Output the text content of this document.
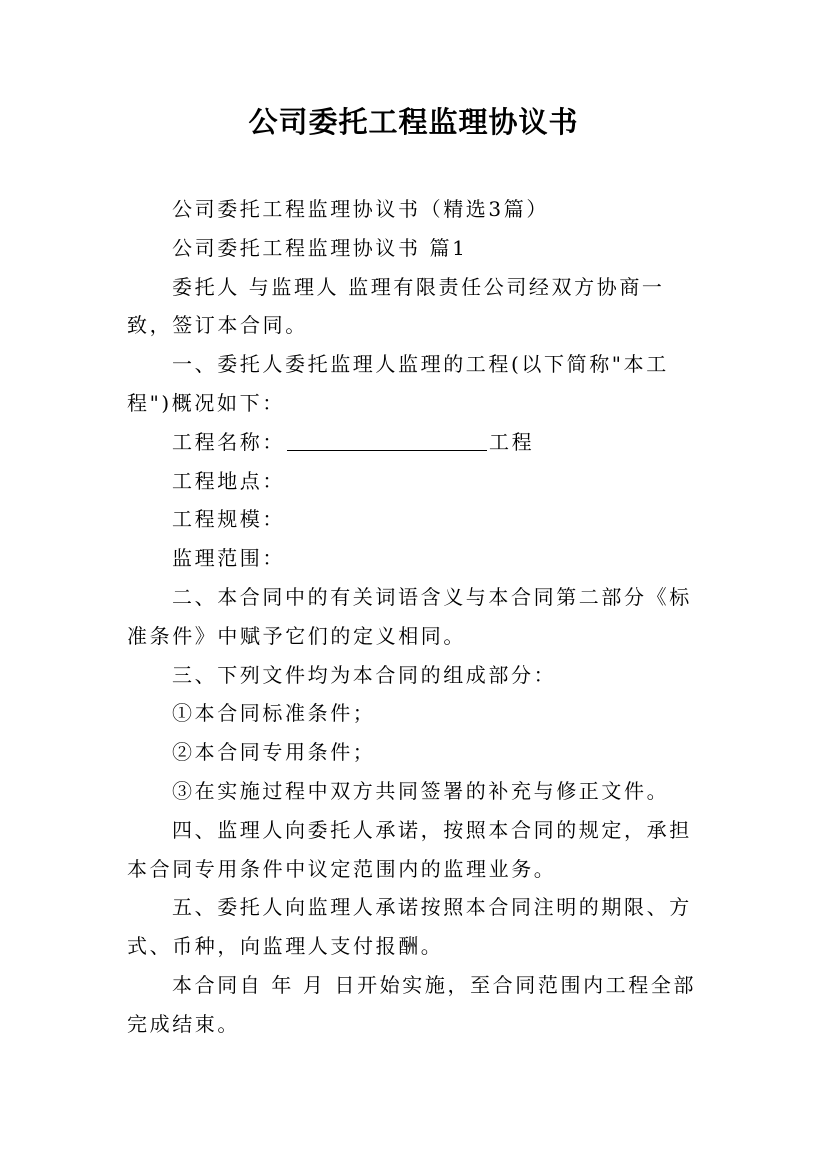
公司委托工程监理协议书

公司委托工程监理协议书（精选3篇）

公司委托工程监理协议书 篇1

委托人 与监理人 监理有限责任公司经双方协商一致，签订本合同。

一、委托人委托监理人监理的工程(以下简称"本工程")概况如下：

工程名称：	工程

工程地点：

工程规模：

监理范围：

二、本合同中的有关词语含义与本合同第二部分《标准条件》中赋予它们的定义相同。

三、下列文件均为本合同的组成部分：

①本合同标准条件；

②本合同专用条件；

③在实施过程中双方共同签署的补充与修正文件。

四、监理人向委托人承诺，按照本合同的规定，承担本合同专用条件中议定范围内的监理业务。

五、委托人向监理人承诺按照本合同注明的期限、方式、币种，向监理人支付报酬。

本合同自 年 月 日开始实施，至合同范围内工程全部完成结束。
